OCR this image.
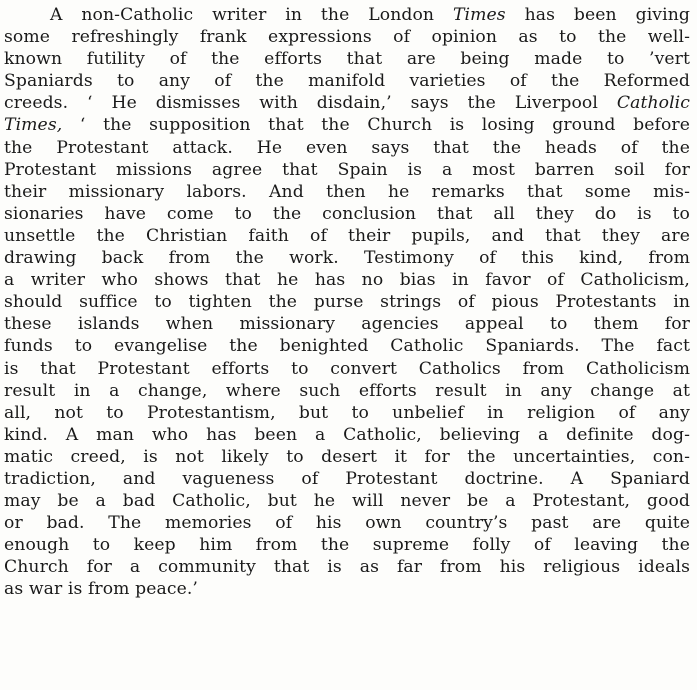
A non-Catholic writer in the London Times has been giving
some refreshingly frank expressions of opinion as to the well-
known futility of the efforts that are being made to ’vert
Spaniards to any of the manifold varieties of the Reformed
creeds. ‘ He dismisses with disdain,’ says the Liverpool Catholic
Times, ‘ the supposition that the Church is losing ground before
the Protestant attack. He even says that the heads of the
Protestant missions agree that Spain is a most barren soil for
their missionary labors. And then he remarks that some mis-
sionaries have come to the conclusion that all they do is to
unsettle the Christian faith of their pupils, and that they are
drawing back from the work. Testimony of this kind, from
a writer who shows that he has no bias in favor of Catholicism,
should suffice to tighten the purse strings of pious Protestants in
these islands when missionary agencies appeal to them for
funds to evangelise the benighted Catholic Spaniards. The fact
is that Protestant efforts to convert Catholics from Catholicism
result in a change, where such efforts result in any change at
all, not to Protestantism, but to unbelief in religion of any
kind. A man who has been a Catholic, believing a definite dog-
matic creed, is not likely to desert it for the uncertainties, con-
tradiction, and vagueness of Protestant doctrine. A Spaniard
may be a bad Catholic, but he will never be a Protestant, good
or bad. The memories of his own country’s past are quite
enough to keep him from the supreme folly of leaving the
Church for a community that is as far from his religious ideals
as war is from peace.’
